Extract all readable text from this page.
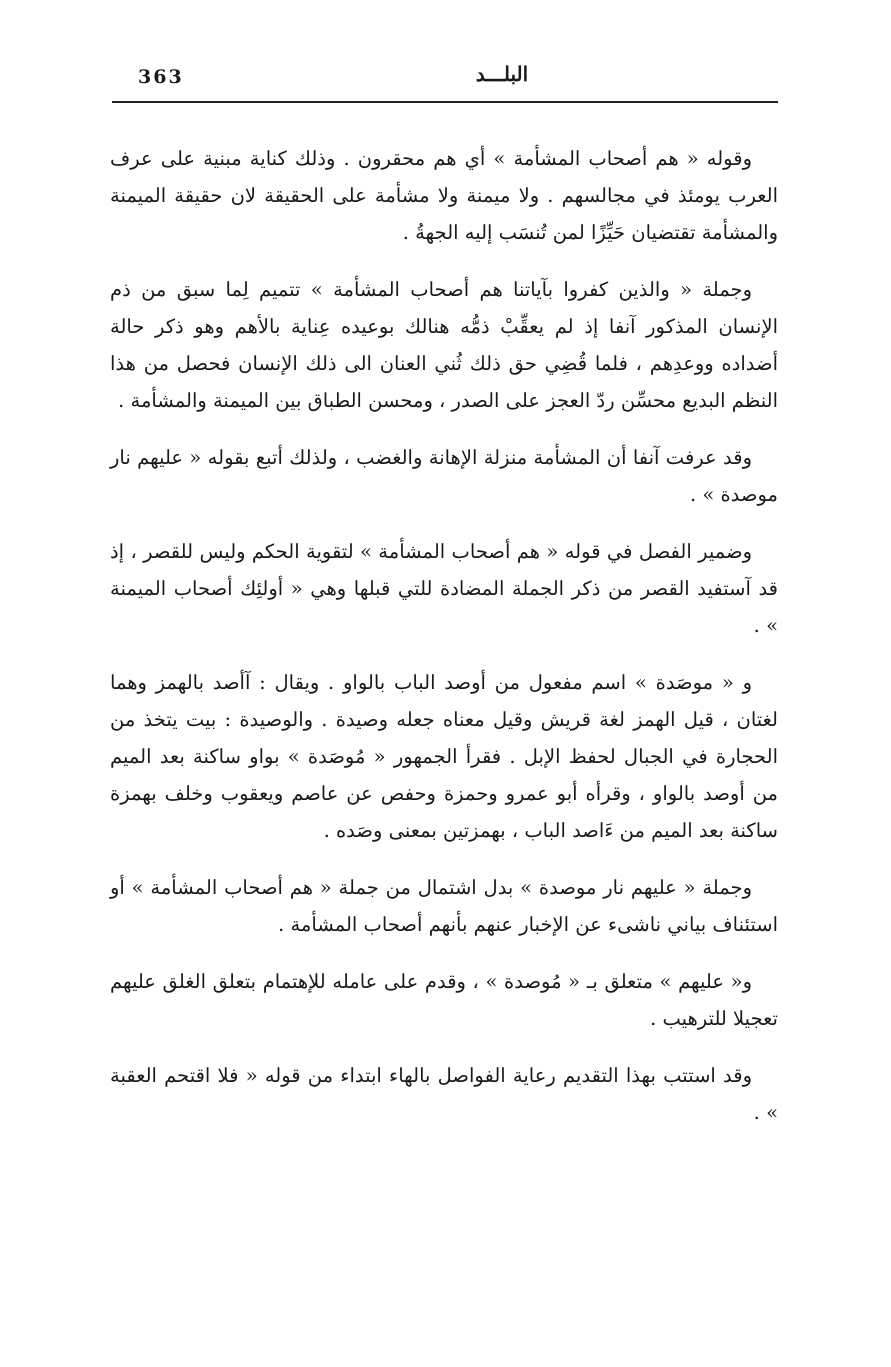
363	البلـــد

وقوله « هم أصحاب المشأمة » أي هم محقرون . وذلك كناية مبنية على عرف العرب يومئذ في مجالسهم . ولا ميمنة ولا مشأمة على الحقيقة لان حقيقة الميمنة والمشأمة تقتضيان حَيِّزًا لمن تُنسَب إليه الجهةُ .

وجملة « والذين كفروا بآياتنا هم أصحاب المشأمة » تتميم لِما سبق من ذم الإنسان المذكور آنفا إذ لم يعقِّبْ ذمُّه هنالك بوعيده عِناية بالأهم وهو ذكر حالة أضداده ووعدِهم ، فلما قُضِي حق ذلك ثُني العنان الى ذلك الإنسان فحصل من هذا النظم البديع محسِّن ردّ العجز على الصدر ، ومحسن الطباق بين الميمنة والمشأمة .

وقد عرفت آنفا أن المشأمة منزلة الإهانة والغضب ، ولذلك أتبع بقوله « عليهم نار موصدة » .

وضمير الفصل في قوله « هم أصحاب المشأمة » لتقوية الحكم وليس للقصر ، إذ قد آستفيد القصر من ذكر الجملة المضادة للتي قبلها وهي « أولئِك أصحاب الميمنة » .

و « موصَدة » اسم مفعول من أوصد الباب بالواو . ويقال : آأصد بالهمز وهما لغتان ، قيل الهمز لغة قريش وقيل معناه جعله وصيدة . والوصيدة : بيت يتخذ من الحجارة في الجبال لحفظ الإبل . فقرأ الجمهور « مُوصَدة » بواو ساكنة بعد الميم من أوصد بالواو ، وقرأه أبو عمرو وحمزة وحفص عن عاصم ويعقوب وخلف بهمزة ساكنة بعد الميم من ءَاصد الباب ، بهمزتين بمعنى وصَده .

وجملة « عليهم نار موصدة » بدل اشتمال من جملة « هم أصحاب المشأمة » أو استئناف بياني ناشىء عن الإخبار عنهم بأنهم أصحاب المشأمة .

و« عليهم » متعلق بـ « مُوصدة » ، وقدم على عامله للإهتمام بتعلق الغلق عليهم تعجيلا للترهيب .

وقد استتب بهذا التقديم رعاية الفواصل بالهاء ابتداء من قوله « فلا اقتحم العقبة » .
